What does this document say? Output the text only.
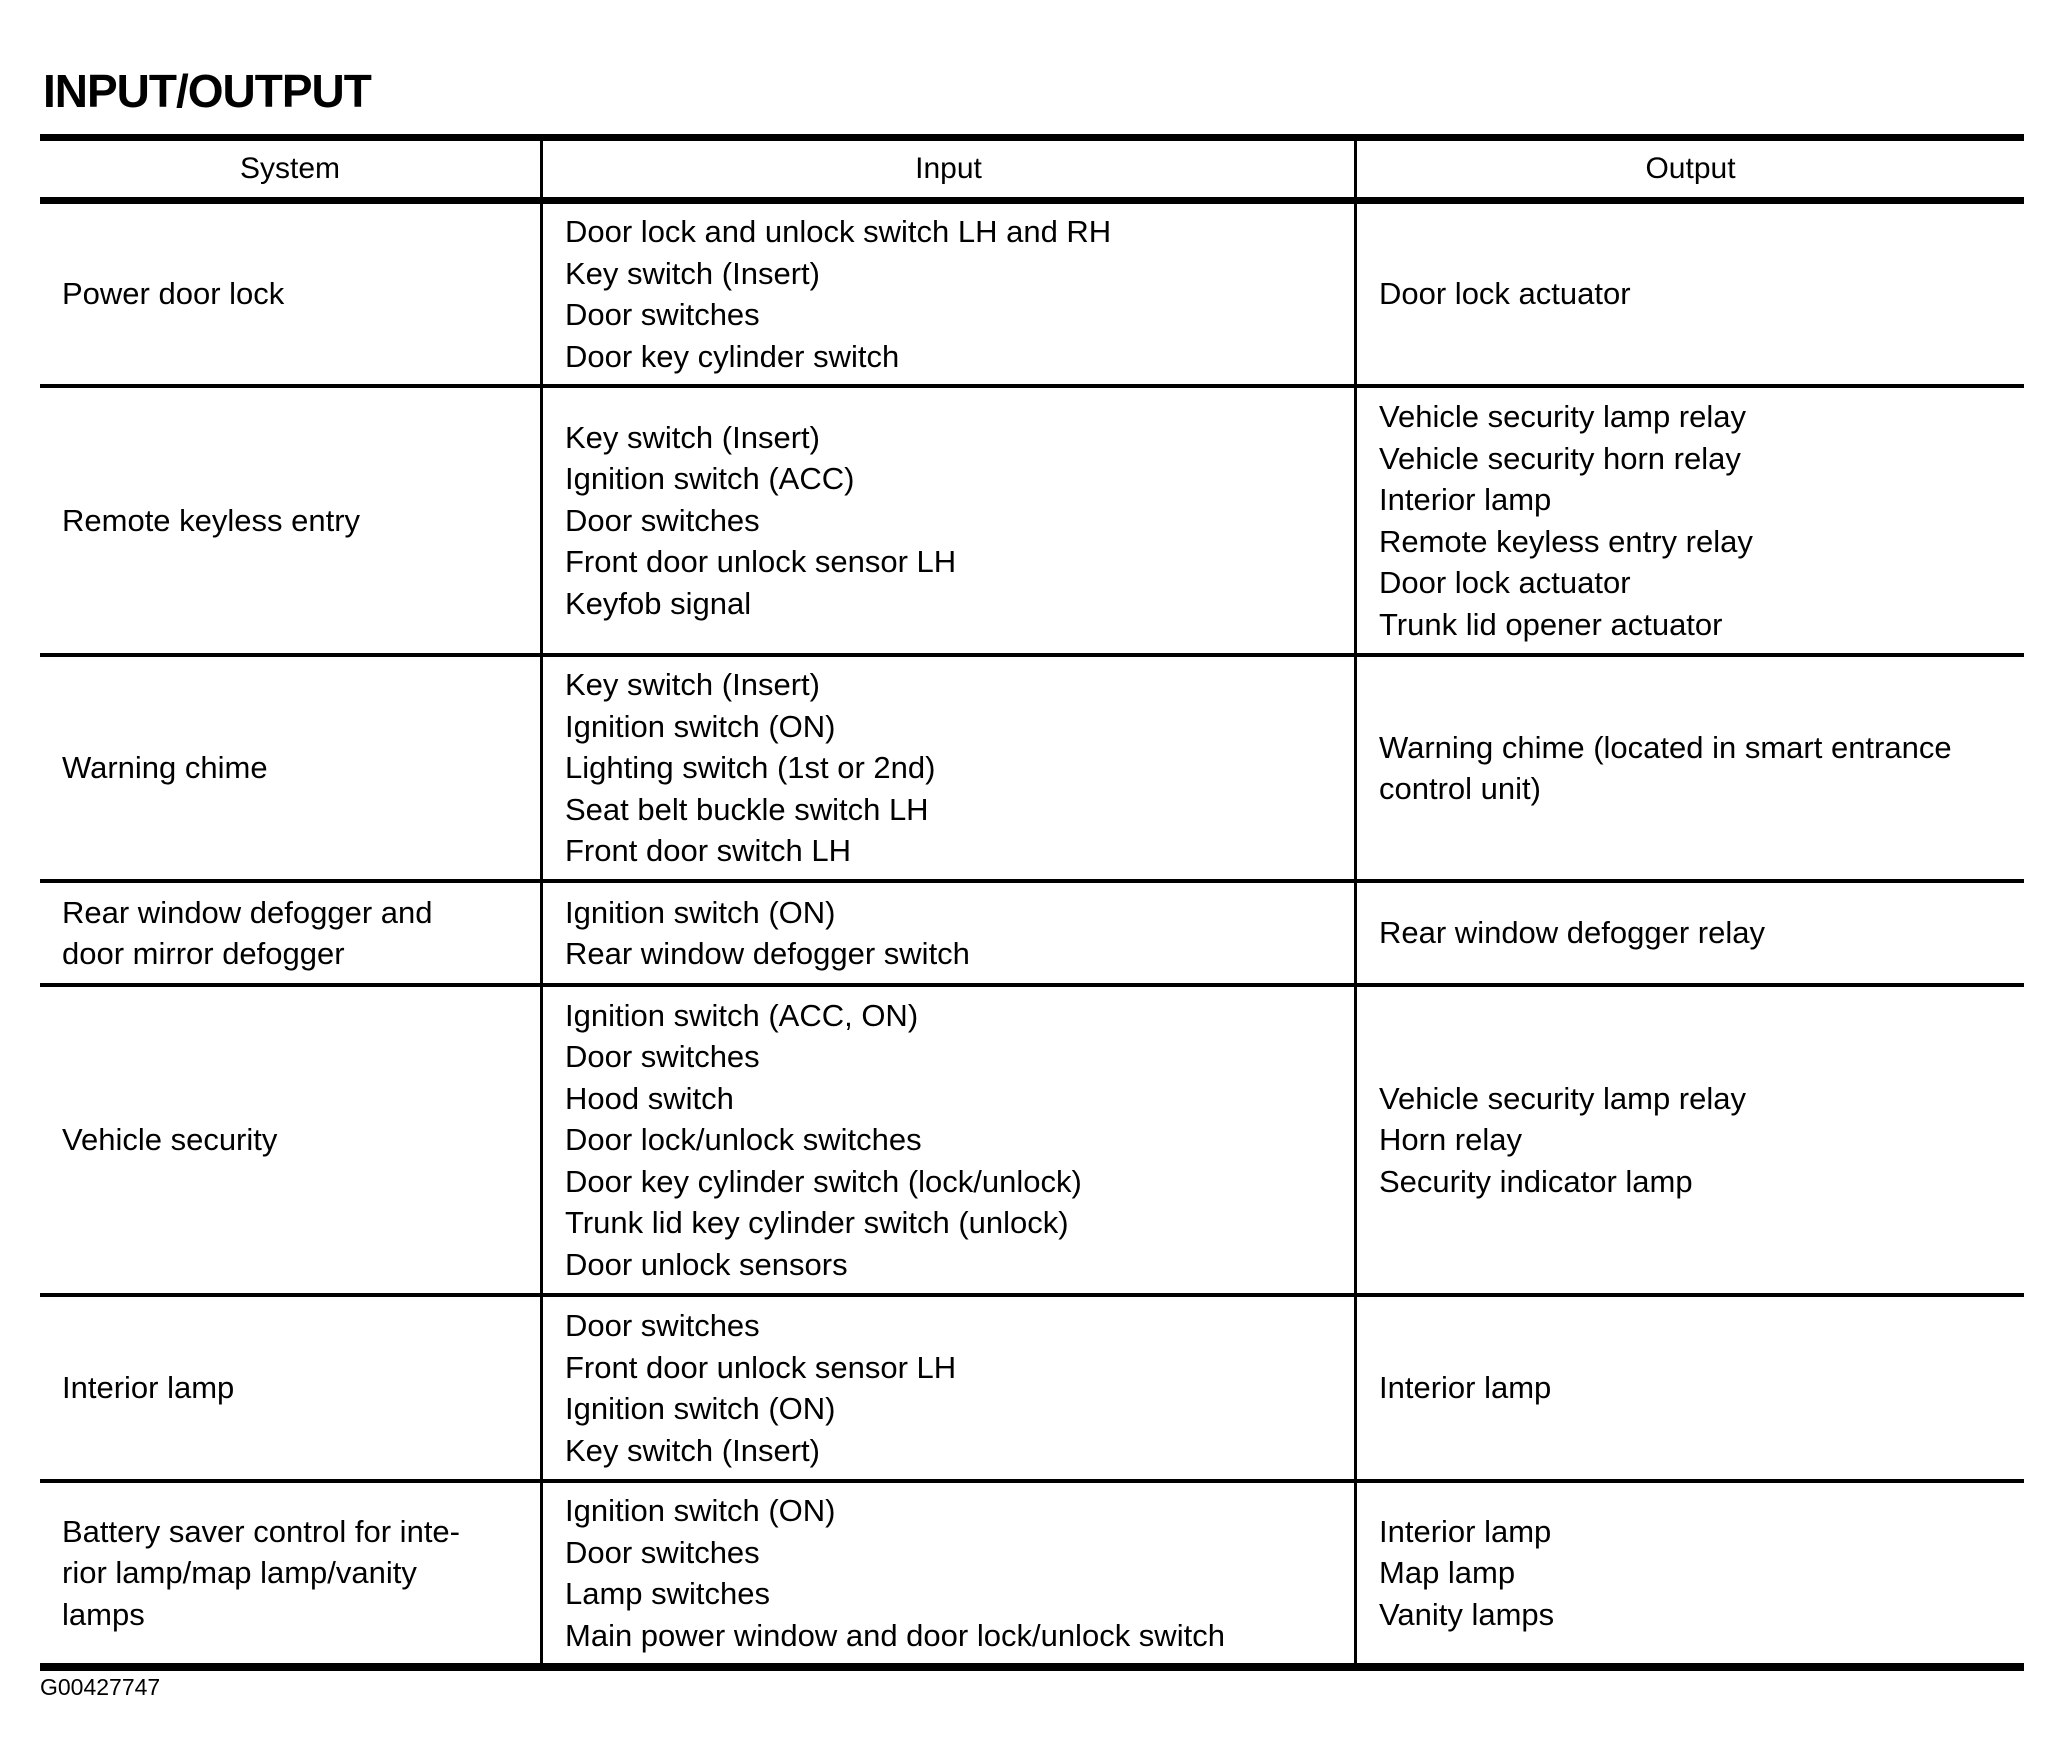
INPUT/OUTPUT
System	Input	Output
Power door lock
Door lock and unlock switch LH and RH
Key switch (Insert)
Door switches
Door key cylinder switch
Door lock actuator
Remote keyless entry
Key switch (Insert)
Ignition switch (ACC)
Door switches
Front door unlock sensor LH
Keyfob signal
Vehicle security lamp relay
Vehicle security horn relay
Interior lamp
Remote keyless entry relay
Door lock actuator
Trunk lid opener actuator
Warning chime
Key switch (Insert)
Ignition switch (ON)
Lighting switch (1st or 2nd)
Seat belt buckle switch LH
Front door switch LH
Warning chime (located in smart entrance
control unit)
Rear window defogger and
door mirror defogger
Ignition switch (ON)
Rear window defogger switch
Rear window defogger relay
Vehicle security
Ignition switch (ACC, ON)
Door switches
Hood switch
Door lock/unlock switches
Door key cylinder switch (lock/unlock)
Trunk lid key cylinder switch (unlock)
Door unlock sensors
Vehicle security lamp relay
Horn relay
Security indicator lamp
Interior lamp
Door switches
Front door unlock sensor LH
Ignition switch (ON)
Key switch (Insert)
Interior lamp
Battery saver control for inte-
rior lamp/map lamp/vanity
lamps
Ignition switch (ON)
Door switches
Lamp switches
Main power window and door lock/unlock switch
Interior lamp
Map lamp
Vanity lamps
G00427747
